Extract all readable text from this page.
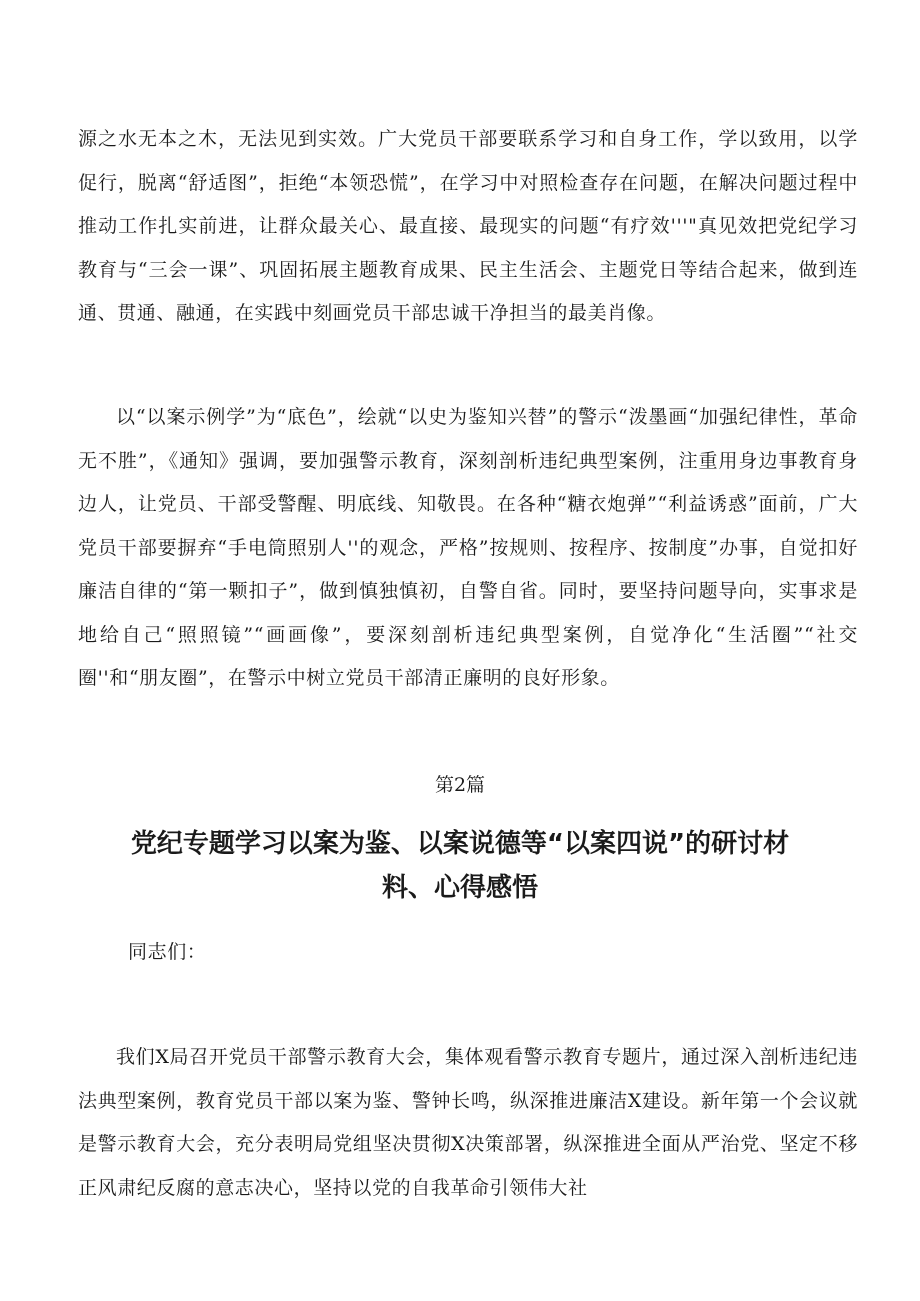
源之水无本之木，无法见到实效。广大党员干部要联系学习和自身工作，学以致用，以学促行，脱离“舒适图”，拒绝“本领恐慌”，在学习中对照检查存在问题，在解决问题过程中推动工作扎实前进，让群众最关心、最直接、最现实的问题“有疗效'''"真见效把党纪学习教育与“三会一课”、巩固拓展主题教育成果、民主生活会、主题党日等结合起来，做到连通、贯通、融通，在实践中刻画党员干部忠诚干净担当的最美肖像。

以“以案示例学”为“底色”，绘就“以史为鉴知兴替”的警示“泼墨画“加强纪律性，革命无不胜”，《通知》强调，要加强警示教育，深刻剖析违纪典型案例，注重用身边事教育身边人，让党员、干部受警醒、明底线、知敬畏。在各种“糖衣炮弹”“利益诱惑”面前，广大党员干部要摒弃“手电筒照别人''的观念，严格”按规则、按程序、按制度”办事，自觉扣好廉洁自律的“第一颗扣子”，做到慎独慎初，自警自省。同时，要坚持问题导向，实事求是地给自己“照照镜”“画画像”，要深刻剖析违纪典型案例，自觉净化“生活圈”“社交圈''和“朋友圈”，在警示中树立党员干部清正廉明的良好形象。

第2篇

党纪专题学习以案为鉴、以案说德等“以案四说”的研讨材料、心得感悟

同志们：

我们X局召开党员干部警示教育大会，集体观看警示教育专题片，通过深入剖析违纪违法典型案例，教育党员干部以案为鉴、警钟长鸣，纵深推进廉洁X建设。新年第一个会议就是警示教育大会，充分表明局党组坚决贯彻X决策部署，纵深推进全面从严治党、坚定不移正风肃纪反腐的意志决心，坚持以党的自我革命引领伟大社
